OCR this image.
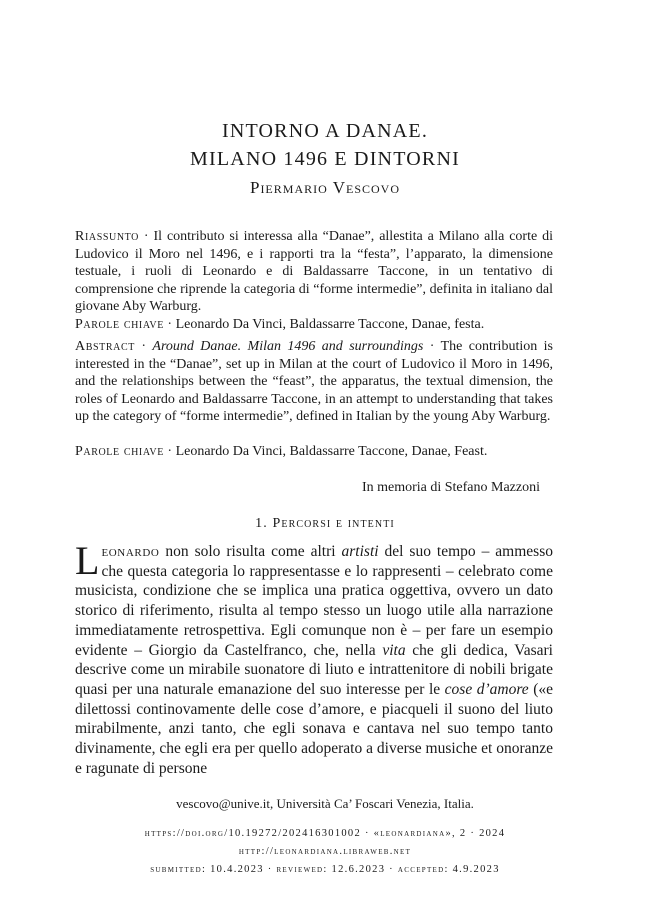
INTORNO A DANAE.
MILANO 1496 E DINTORNI
Piermario Vescovo
Riassunto · Il contributo si interessa alla “Danae”, allestita a Milano alla corte di Ludovico il Moro nel 1496, e i rapporti tra la “festa”, l’apparato, la dimensione testuale, i ruoli di Leonardo e di Baldassarre Taccone, in un tentativo di comprensione che riprende la categoria di “forme intermedie”, definita in italiano dal giovane Aby Warburg.
Parole chiave · Leonardo Da Vinci, Baldassarre Taccone, Danae, festa.
Abstract · Around Danae. Milan 1496 and surroundings · The contribution is interested in the “Danae”, set up in Milan at the court of Ludovico il Moro in 1496, and the relationships between the “feast”, the apparatus, the textual dimension, the roles of Leonardo and Baldassarre Taccone, in an attempt to understanding that takes up the category of “forme intermedie”, defined in Italian by the young Aby Warburg.
Parole chiave · Leonardo Da Vinci, Baldassarre Taccone, Danae, Feast.
In memoria di Stefano Mazzoni
1. Percorsi e intenti
Leonardo non solo risulta come altri artisti del suo tempo – ammesso che questa categoria lo rappresentasse e lo rappresenti – celebrato come musicista, condizione che se implica una pratica oggettiva, ovvero un dato storico di riferimento, risulta al tempo stesso un luogo utile alla narrazione immediatamente retrospettiva. Egli comunque non è – per fare un esempio evidente – Giorgio da Castelfranco, che, nella vita che gli dedica, Vasari descrive come un mirabile suonatore di liuto e intrattenitore di nobili brigate quasi per una naturale emanazione del suo interesse per le cose d’amore («e dilettossi continovamente delle cose d’amore, e piacqueli il suono del liuto mirabilmente, anzi tanto, che egli sonava e cantava nel suo tempo tanto divinamente, che egli era per quello adoperato a diverse musiche et onoranze e ragunate di persone
vescovo@unive.it, Università Ca’ Foscari Venezia, Italia.
https://doi.org/10.19272/202416301002 · «leonardiana», 2 · 2024
http://leonardiana.libraweb.net
submitted: 10.4.2023 · reviewed: 12.6.2023 · accepted: 4.9.2023
